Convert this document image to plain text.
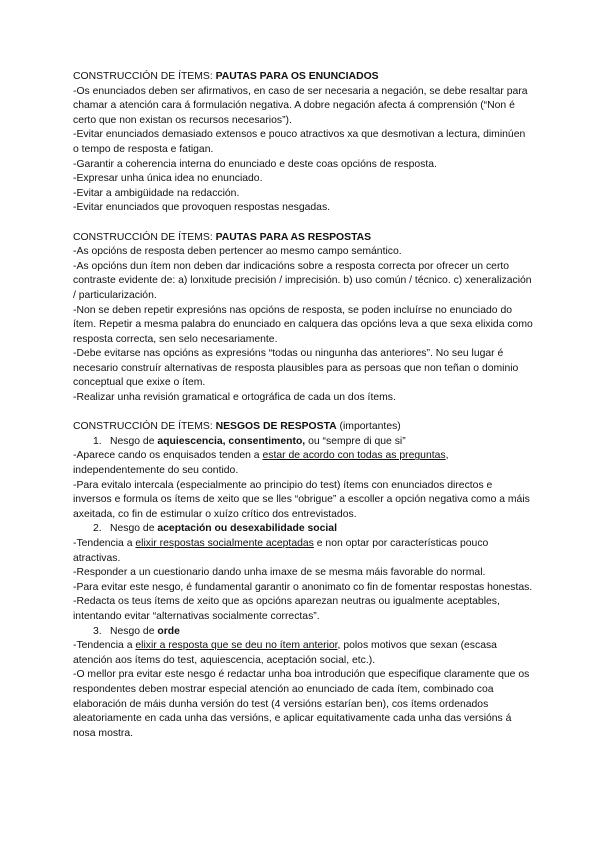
CONSTRUCCIÓN DE ÍTEMS: PAUTAS PARA OS ENUNCIADOS
-Os enunciados deben ser afirmativos, en caso de ser necesaria a negación, se debe resaltar para chamar a atención cara á formulación negativa. A dobre negación afecta á comprensión (“Non é certo que non existan os recursos necesarios”).
-Evitar enunciados demasiado extensos e pouco atractivos xa que desmotivan a lectura, diminúen o tempo de resposta e fatigan.
-Garantir a coherencia interna do enunciado e deste coas opcións de resposta.
-Expresar unha única idea no enunciado.
-Evitar a ambigüidade na redacción.
-Evitar enunciados que provoquen respostas nesgadas.
CONSTRUCCIÓN DE ÍTEMS: PAUTAS PARA AS RESPOSTAS
-As opcións de resposta deben pertencer ao mesmo campo semántico.
-As opcións dun ítem non deben dar indicacións sobre a resposta correcta por ofrecer un certo contraste evidente de: a) lonxitude precisión / imprecisión. b) uso común / técnico. c) xeneralización / particularización.
-Non se deben repetir expresións nas opcións de resposta, se poden incluírse no enunciado do ítem. Repetir a mesma palabra do enunciado en calquera das opcións leva a que sexa elixida como resposta correcta, sen selo necesariamente.
-Debe evitarse nas opcións as expresións “todas ou ningunha das anteriores”. No seu lugar é necesario construír alternativas de resposta plausibles para as persoas que non teñan o dominio conceptual que exixe o ítem.
-Realizar unha revisión gramatical e ortográfica de cada un dos ítems.
CONSTRUCCIÓN DE ÍTEMS: NESGOS DE RESPOSTA (importantes)
1. Nesgo de aquiescencia, consentimento, ou “sempre di que si”
-Aparece cando os enquisados tenden a estar de acordo con todas as preguntas, independentemente do seu contido.
-Para evitalo intercala (especialmente ao principio do test) ítems con enunciados directos e inversos e formula os ítems de xeito que se lles “obrigue” a escoller a opción negativa como a máis axeitada, co fin de estimular o xuízo crítico dos entrevistados.
2. Nesgo de aceptación ou desexabilidade social
-Tendencia a elixir respostas socialmente aceptadas e non optar por características pouco atractivas.
-Responder a un cuestionario dando unha imaxe de se mesma máis favorable do normal.
-Para evitar este nesgo, é fundamental garantir o anonimato co fin de fomentar respostas honestas.
-Redacta os teus ítems de xeito que as opcións aparezan neutras ou igualmente aceptables, intentando evitar “alternativas socialmente correctas”.
3. Nesgo de orde
-Tendencia a elixir a resposta que se deu no ítem anterior, polos motivos que sexan (escasa atención aos ítems do test, aquiescencia, aceptación social, etc.).
-O mellor pra evitar este nesgo é redactar unha boa introdución que especifique claramente que os respondentes deben mostrar especial atención ao enunciado de cada ítem, combinado coa elaboración de máis dunha versión do test (4 versións estarían ben), cos ítems ordenados aleatoriamente en cada unha das versións, e aplicar equitativamente cada unha das versións á nosa mostra.
